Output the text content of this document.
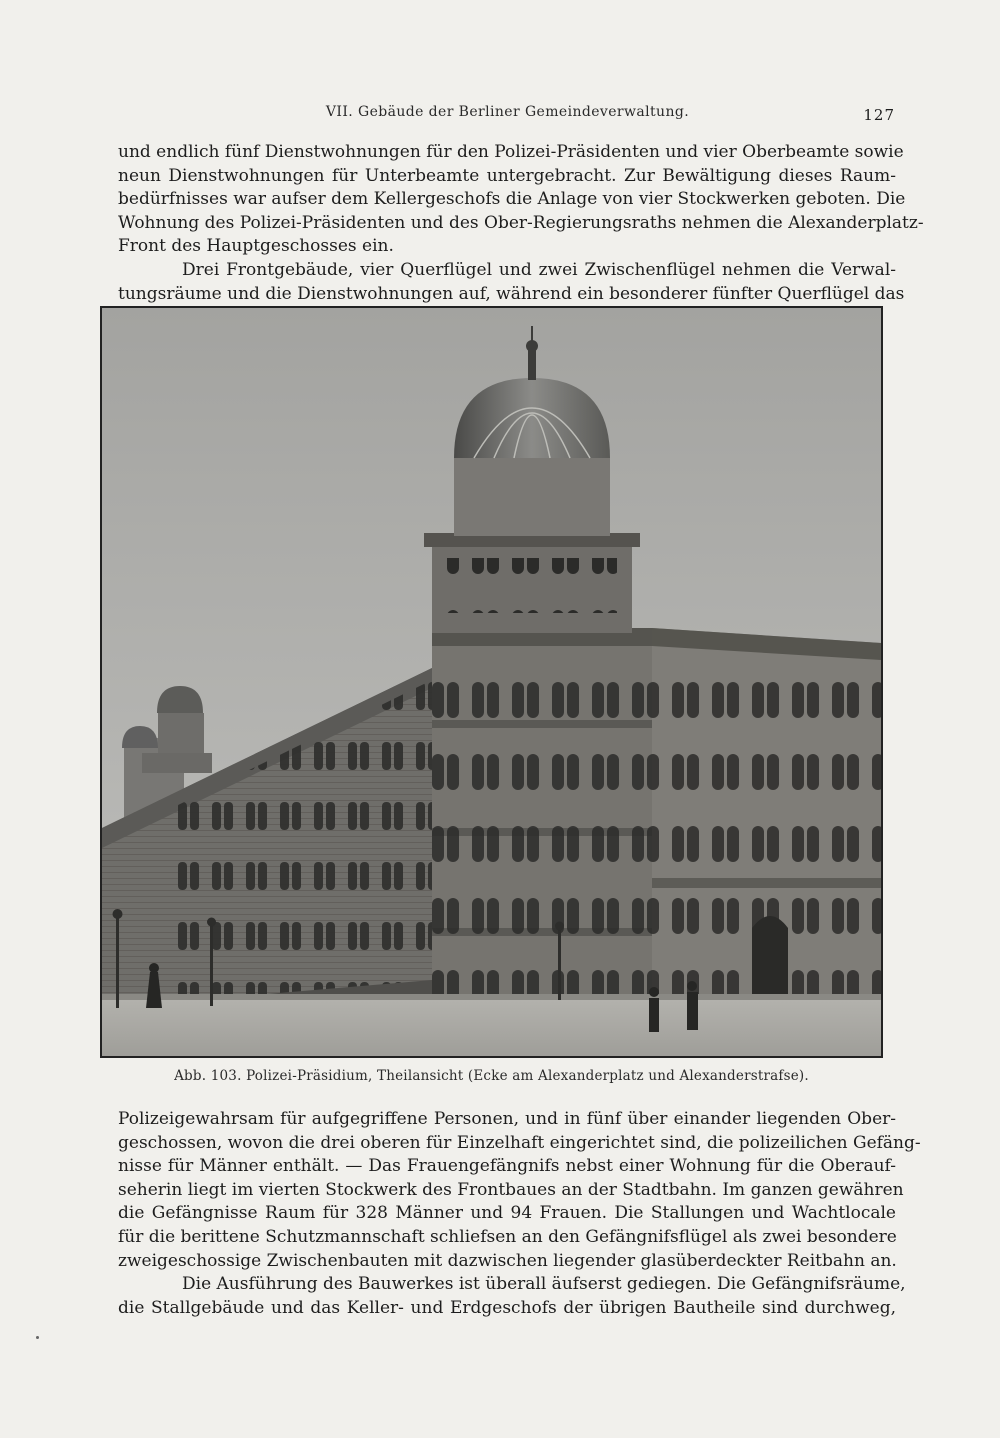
VII. Gebäude der Berliner Gemeindeverwaltung.	127
und endlich fünf Dienstwohnungen für den Polizei-Präsidenten und vier Oberbeamte sowie
neun Dienstwohnungen für Unterbeamte untergebracht. Zur Bewältigung dieses Raum-
bedürfnisses war aufser dem Kellergeschofs die Anlage von vier Stockwerken geboten. Die
Wohnung des Polizei-Präsidenten und des Ober-Regierungsraths nehmen die Alexanderplatz-
Front des Hauptgeschosses ein.
Drei Frontgebäude, vier Querflügel und zwei Zwischenflügel nehmen die Verwal-
tungsräume und die Dienstwohnungen auf, während ein besonderer fünfter Querflügel das
Abb. 103. Polizei-Präsidium, Theilansicht (Ecke am Alexanderplatz und Alexanderstrafse).
Polizeigewahrsam für aufgegriffene Personen, und in fünf über einander liegenden Ober-
geschossen, wovon die drei oberen für Einzelhaft eingerichtet sind, die polizeilichen Gefäng-
nisse für Männer enthält. — Das Frauengefängnifs nebst einer Wohnung für die Oberauf-
seherin liegt im vierten Stockwerk des Frontbaues an der Stadtbahn. Im ganzen gewähren
die Gefängnisse Raum für 328 Männer und 94 Frauen. Die Stallungen und Wachtlocale
für die berittene Schutzmannschaft schliefsen an den Gefängnifsflügel als zwei besondere
zweigeschossige Zwischenbauten mit dazwischen liegender glasüberdeckter Reitbahn an.
Die Ausführung des Bauwerkes ist überall äufserst gediegen. Die Gefängnifsräume,
die Stallgebäude und das Keller- und Erdgeschofs der übrigen Bautheile sind durchweg,
